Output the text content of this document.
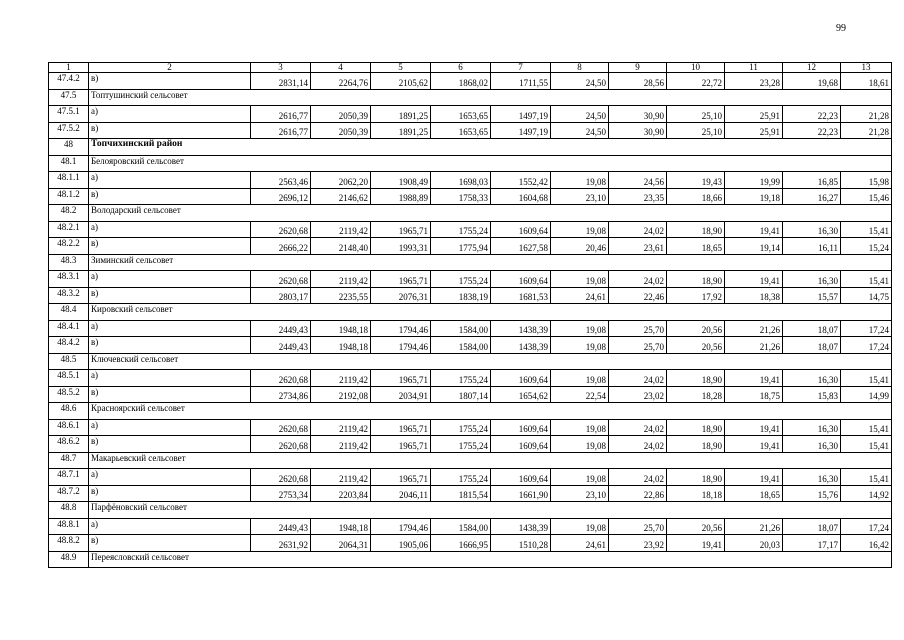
99
1	2	3	4	5	6	7	8	9	10	11	12	13
47.4.2	в)	2831,14	2264,76	2105,62	1868,02	1711,55	24,50	28,56	22,72	23,28	19,68	18,61
47.5	Топтушинский сельсовет											
47.5.1	а)	2616,77	2050,39	1891,25	1653,65	1497,19	24,50	30,90	25,10	25,91	22,23	21,28
47.5.2	в)	2616,77	2050,39	1891,25	1653,65	1497,19	24,50	30,90	25,10	25,91	22,23	21,28
48	Топчихинский район											
48.1	Белояровский сельсовет											
48.1.1	а)	2563,46	2062,20	1908,49	1698,03	1552,42	19,08	24,56	19,43	19,99	16,85	15,98
48.1.2	в)	2696,12	2146,62	1988,89	1758,33	1604,68	23,10	23,35	18,66	19,18	16,27	15,46
48.2	Володарский сельсовет											
48.2.1	а)	2620,68	2119,42	1965,71	1755,24	1609,64	19,08	24,02	18,90	19,41	16,30	15,41
48.2.2	в)	2666,22	2148,40	1993,31	1775,94	1627,58	20,46	23,61	18,65	19,14	16,11	15,24
48.3	Зиминский сельсовет											
48.3.1	а)	2620,68	2119,42	1965,71	1755,24	1609,64	19,08	24,02	18,90	19,41	16,30	15,41
48.3.2	в)	2803,17	2235,55	2076,31	1838,19	1681,53	24,61	22,46	17,92	18,38	15,57	14,75
48.4	Кировский сельсовет											
48.4.1	а)	2449,43	1948,18	1794,46	1584,00	1438,39	19,08	25,70	20,56	21,26	18,07	17,24
48.4.2	в)	2449,43	1948,18	1794,46	1584,00	1438,39	19,08	25,70	20,56	21,26	18,07	17,24
48.5	Ключевский сельсовет											
48.5.1	а)	2620,68	2119,42	1965,71	1755,24	1609,64	19,08	24,02	18,90	19,41	16,30	15,41
48.5.2	в)	2734,86	2192,08	2034,91	1807,14	1654,62	22,54	23,02	18,28	18,75	15,83	14,99
48.6	Красноярский сельсовет											
48.6.1	а)	2620,68	2119,42	1965,71	1755,24	1609,64	19,08	24,02	18,90	19,41	16,30	15,41
48.6.2	в)	2620,68	2119,42	1965,71	1755,24	1609,64	19,08	24,02	18,90	19,41	16,30	15,41
48.7	Макарьевский сельсовет											
48.7.1	а)	2620,68	2119,42	1965,71	1755,24	1609,64	19,08	24,02	18,90	19,41	16,30	15,41
48.7.2	в)	2753,34	2203,84	2046,11	1815,54	1661,90	23,10	22,86	18,18	18,65	15,76	14,92
48.8	Парфёновский сельсовет											
48.8.1	а)	2449,43	1948,18	1794,46	1584,00	1438,39	19,08	25,70	20,56	21,26	18,07	17,24
48.8.2	в)	2631,92	2064,31	1905,06	1666,95	1510,28	24,61	23,92	19,41	20,03	17,17	16,42
48.9	Переясловский сельсовет											
